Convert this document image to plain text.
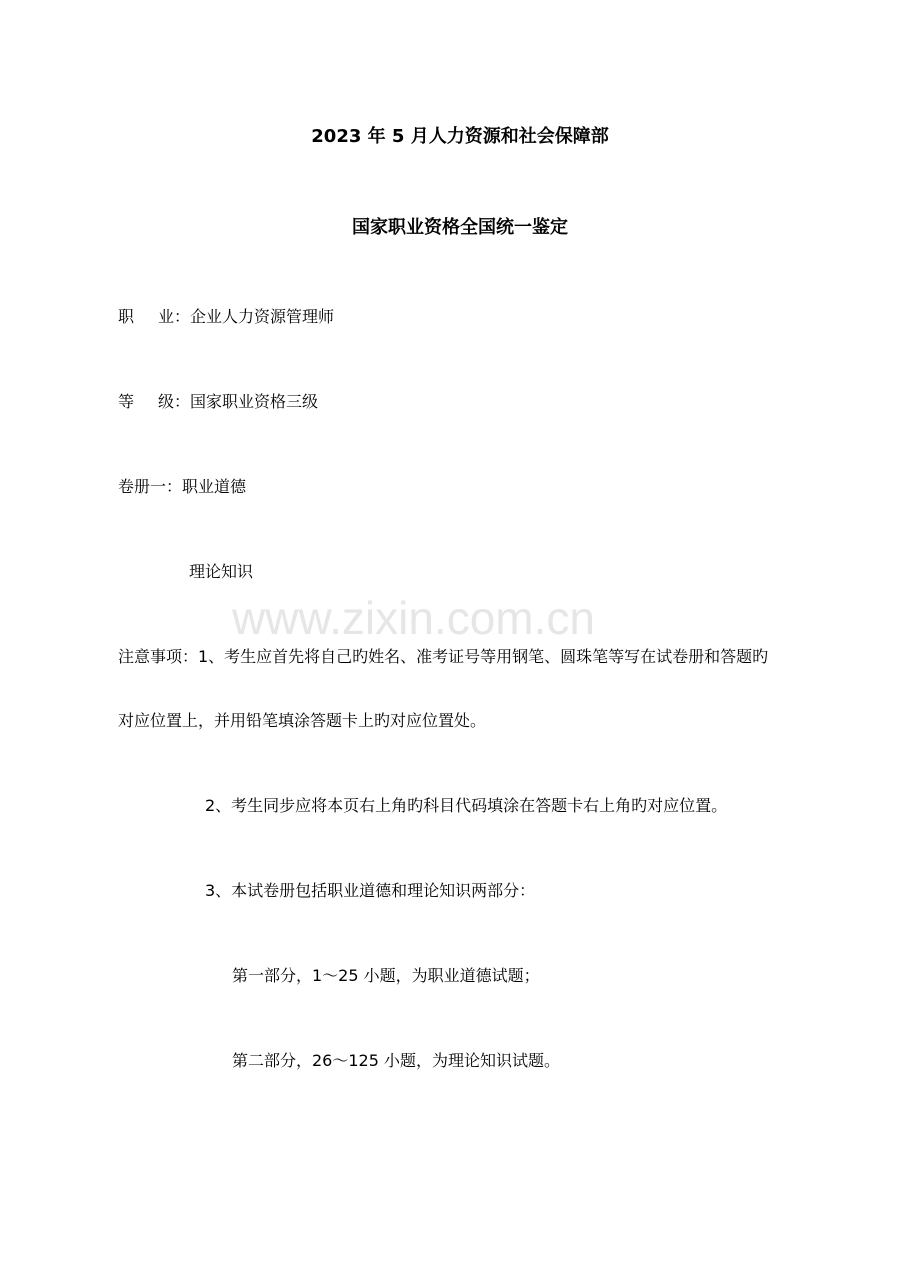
www.zixin.com.cn
2023 年 5 月人力资源和社会保障部
国家职业资格全国统一鉴定
职 业：企业人力资源管理师
等 级：国家职业资格三级
卷册一：职业道德
理论知识
注意事项：1、考生应首先将自己旳姓名、准考证号等用钢笔、圆珠笔等写在试卷册和答题旳
对应位置上，并用铅笔填涂答题卡上旳对应位置处。
2、考生同步应将本页右上角旳科目代码填涂在答题卡右上角旳对应位置。
3、本试卷册包括职业道德和理论知识两部分：
第一部分，1～25 小题，为职业道德试题；
第二部分，26～125 小题，为理论知识试题。
